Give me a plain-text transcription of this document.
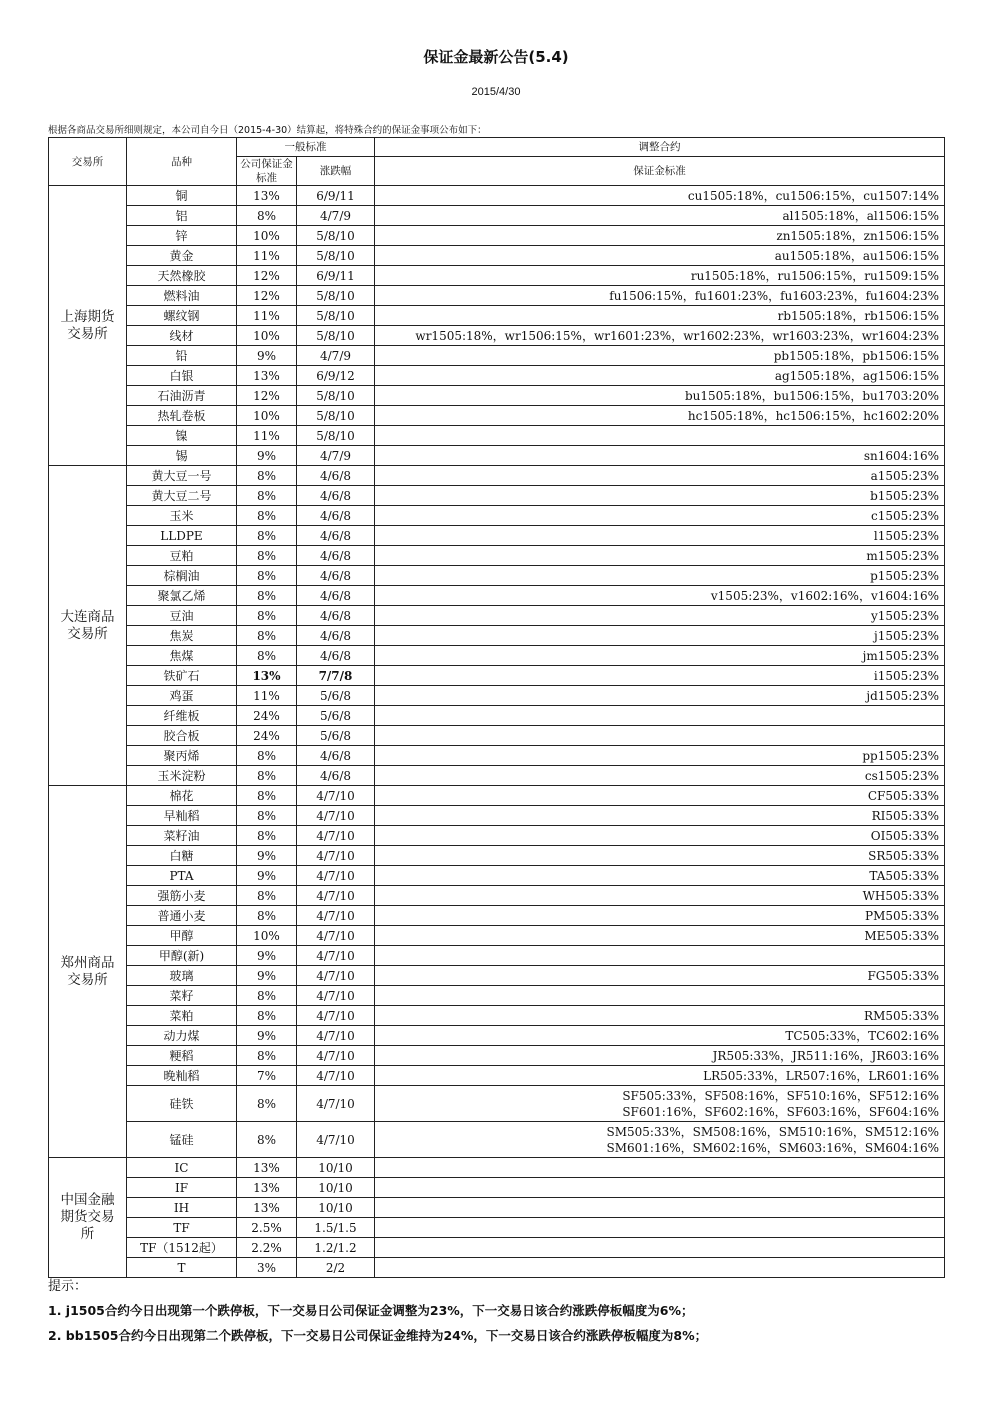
保证金最新公告(5.4)
2015/4/30
根据各商品交易所细则规定，本公司自今日（2015-4-30）结算起，将特殊合约的保证金事项公布如下：
交易所	品种	一般标准		调整合约
		公司保证金标准	涨跌幅	保证金标准
上海期货交易所	铜	13%	6/9/11	cu1505:18%，cu1506:15%，cu1507:14%
	铝	8%	4/7/9	al1505:18%，al1506:15%
	锌	10%	5/8/10	zn1505:18%，zn1506:15%
	黄金	11%	5/8/10	au1505:18%，au1506:15%
	天然橡胶	12%	6/9/11	ru1505:18%，ru1506:15%，ru1509:15%
	燃料油	12%	5/8/10	fu1506:15%，fu1601:23%，fu1603:23%，fu1604:23%
	螺纹钢	11%	5/8/10	rb1505:18%，rb1506:15%
	线材	10%	5/8/10	wr1505:18%，wr1506:15%，wr1601:23%，wr1602:23%，wr1603:23%，wr1604:23%
	铅	9%	4/7/9	pb1505:18%，pb1506:15%
	白银	13%	6/9/12	ag1505:18%，ag1506:15%
	石油沥青	12%	5/8/10	bu1505:18%，bu1506:15%，bu1703:20%
	热轧卷板	10%	5/8/10	hc1505:18%，hc1506:15%，hc1602:20%
	镍	11%	5/8/10	
	锡	9%	4/7/9	sn1604:16%
大连商品交易所	黄大豆一号	8%	4/6/8	a1505:23%
	黄大豆二号	8%	4/6/8	b1505:23%
	玉米	8%	4/6/8	c1505:23%
	LLDPE	8%	4/6/8	l1505:23%
	豆粕	8%	4/6/8	m1505:23%
	棕榈油	8%	4/6/8	p1505:23%
	聚氯乙烯	8%	4/6/8	v1505:23%，v1602:16%，v1604:16%
	豆油	8%	4/6/8	y1505:23%
	焦炭	8%	4/6/8	j1505:23%
	焦煤	8%	4/6/8	jm1505:23%
	铁矿石	13%	7/7/8	i1505:23%
	鸡蛋	11%	5/6/8	jd1505:23%
	纤维板	24%	5/6/8	
	胶合板	24%	5/6/8	
	聚丙烯	8%	4/6/8	pp1505:23%
	玉米淀粉	8%	4/6/8	cs1505:23%
郑州商品交易所	棉花	8%	4/7/10	CF505:33%
	早籼稻	8%	4/7/10	RI505:33%
	菜籽油	8%	4/7/10	OI505:33%
	白糖	9%	4/7/10	SR505:33%
	PTA	9%	4/7/10	TA505:33%
	强筋小麦	8%	4/7/10	WH505:33%
	普通小麦	8%	4/7/10	PM505:33%
	甲醇	10%	4/7/10	ME505:33%
	甲醇(新)	9%	4/7/10	
	玻璃	9%	4/7/10	FG505:33%
	菜籽	8%	4/7/10	
	菜粕	8%	4/7/10	RM505:33%
	动力煤	9%	4/7/10	TC505:33%，TC602:16%
	粳稻	8%	4/7/10	JR505:33%，JR511:16%，JR603:16%
	晚籼稻	7%	4/7/10	LR505:33%，LR507:16%，LR601:16%
	硅铁	8%	4/7/10	SF505:33%，SF508:16%，SF510:16%，SF512:16%
SF601:16%，SF602:16%，SF603:16%，SF604:16%

	锰硅	8%	4/7/10	SM505:33%，SM508:16%，SM510:16%，SM512:16%
SM601:16%，SM602:16%，SM603:16%，SM604:16%

中国金融期货交易所	IC	13%	10/10	
	IF	13%	10/10	
	IH	13%	10/10	
	TF	2.5%	1.5/1.5	
	TF（1512起）	2.2%	1.2/1.2	
	T	3%	2/2	
提示：
1. j1505合约今日出现第一个跌停板，下一交易日公司保证金调整为23%，下一交易日该合约涨跌停板幅度为6%；
2. bb1505合约今日出现第二个跌停板，下一交易日公司保证金维持为24%，下一交易日该合约涨跌停板幅度为8%；
